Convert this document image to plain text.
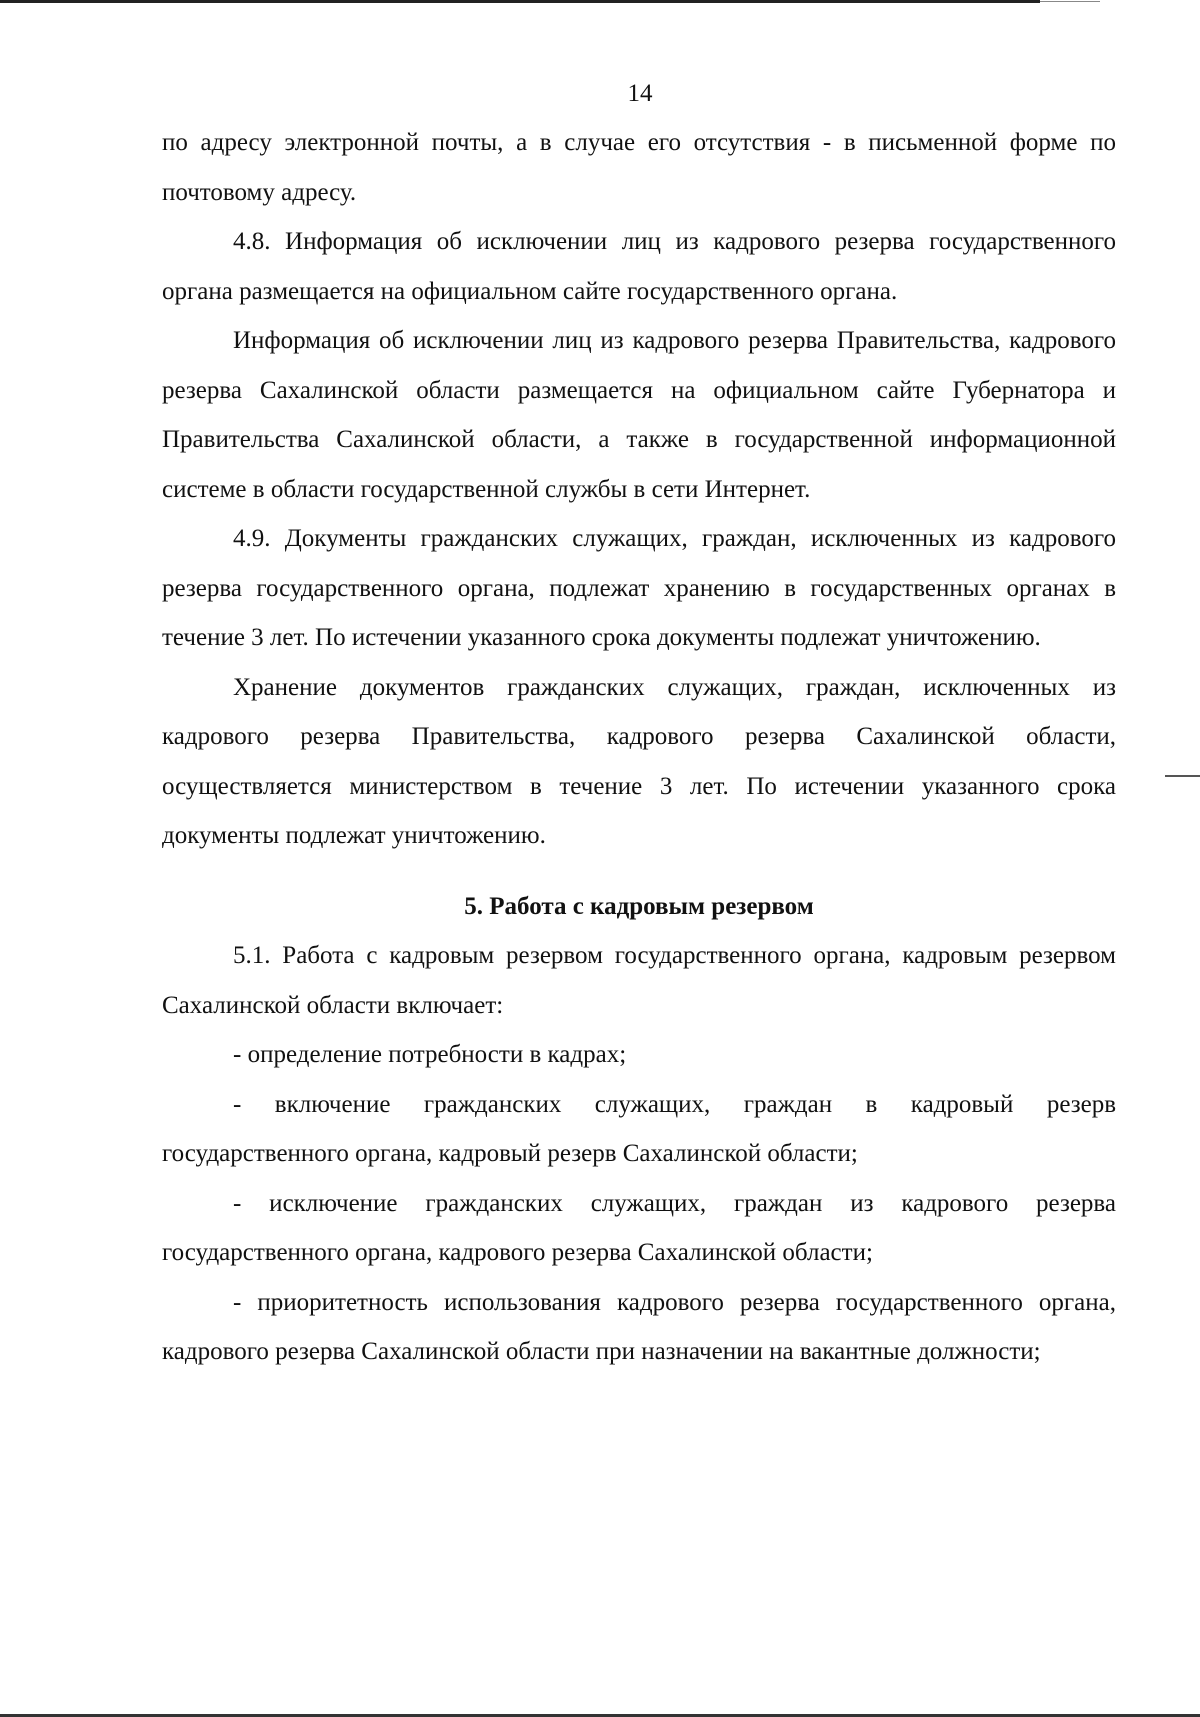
14

по адресу электронной почты, а в случае его отсутствия - в письменной форме по почтовому адресу.

4.8. Информация об исключении лиц из кадрового резерва государственного органа размещается на официальном сайте государственного органа.

Информация об исключении лиц из кадрового резерва Правительства, кадрового резерва Сахалинской области размещается на официальном сайте Губернатора и Правительства Сахалинской области, а также в государственной информационной системе в области государственной службы в сети Интернет.

4.9. Документы гражданских служащих, граждан, исключенных из кадрового резерва государственного органа, подлежат хранению в государственных органах в течение 3 лет. По истечении указанного срока документы подлежат уничтожению.

Хранение документов гражданских служащих, граждан, исключенных из кадрового резерва Правительства, кадрового резерва Сахалинской области, осуществляется министерством в течение 3 лет. По истечении указанного срока документы подлежат уничтожению.

5. Работа с кадровым резервом

5.1. Работа с кадровым резервом государственного органа, кадровым резервом Сахалинской области включает:

- определение потребности в кадрах;

- включение гражданских служащих, граждан в кадровый резерв государственного органа, кадровый резерв Сахалинской области;

- исключение гражданских служащих, граждан из кадрового резерва государственного органа, кадрового резерва Сахалинской области;

- приоритетность использования кадрового резерва государственного органа, кадрового резерва Сахалинской области при назначении на вакантные должности;
